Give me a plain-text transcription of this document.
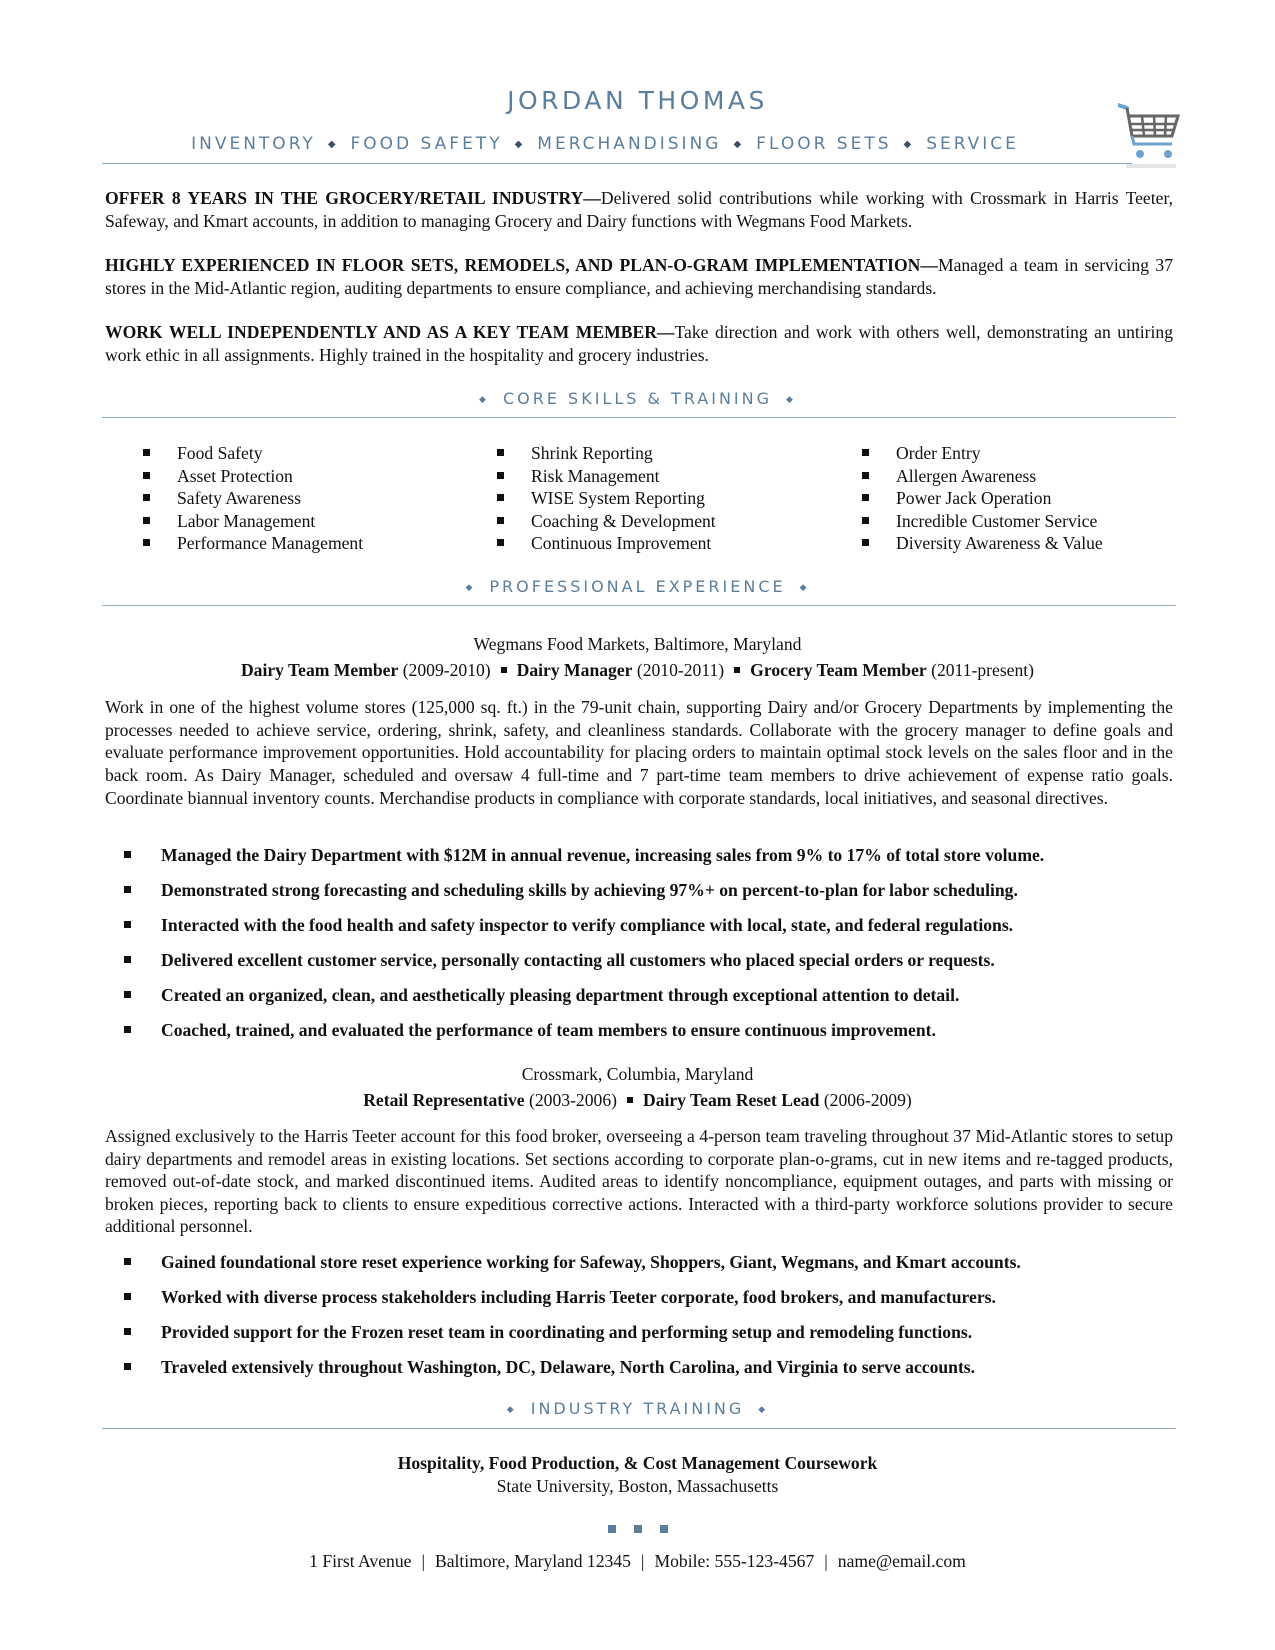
JORDAN THOMAS
INVENTORY ◆ FOOD SAFETY ◆ MERCHANDISING ◆ FLOOR SETS ◆ SERVICE
OFFER 8 YEARS IN THE GROCERY/RETAIL INDUSTRY—Delivered solid contributions while working with Crossmark in Harris Teeter, Safeway, and Kmart accounts, in addition to managing Grocery and Dairy functions with Wegmans Food Markets.
HIGHLY EXPERIENCED IN FLOOR SETS, REMODELS, AND PLAN-O-GRAM IMPLEMENTATION—Managed a team in servicing 37 stores in the Mid-Atlantic region, auditing departments to ensure compliance, and achieving merchandising standards.
WORK WELL INDEPENDENTLY AND AS A KEY TEAM MEMBER—Take direction and work with others well, demonstrating an untiring work ethic in all assignments. Highly trained in the hospitality and grocery industries.
◆ CORE SKILLS & TRAINING ◆
Food Safety
Asset Protection
Safety Awareness
Labor Management
Performance Management
Shrink Reporting
Risk Management
WISE System Reporting
Coaching & Development
Continuous Improvement
Order Entry
Allergen Awareness
Power Jack Operation
Incredible Customer Service
Diversity Awareness & Value
◆ PROFESSIONAL EXPERIENCE ◆
Wegmans Food Markets, Baltimore, Maryland
Dairy Team Member (2009-2010) Dairy Manager (2010-2011) Grocery Team Member (2011-present)
Work in one of the highest volume stores (125,000 sq. ft.) in the 79-unit chain, supporting Dairy and/or Grocery Departments by implementing the processes needed to achieve service, ordering, shrink, safety, and cleanliness standards. Collaborate with the grocery manager to define goals and evaluate performance improvement opportunities. Hold accountability for placing orders to maintain optimal stock levels on the sales floor and in the back room. As Dairy Manager, scheduled and oversaw 4 full-time and 7 part-time team members to drive achievement of expense ratio goals. Coordinate biannual inventory counts. Merchandise products in compliance with corporate standards, local initiatives, and seasonal directives.
Managed the Dairy Department with $12M in annual revenue, increasing sales from 9% to 17% of total store volume.
Demonstrated strong forecasting and scheduling skills by achieving 97%+ on percent-to-plan for labor scheduling.
Interacted with the food health and safety inspector to verify compliance with local, state, and federal regulations.
Delivered excellent customer service, personally contacting all customers who placed special orders or requests.
Created an organized, clean, and aesthetically pleasing department through exceptional attention to detail.
Coached, trained, and evaluated the performance of team members to ensure continuous improvement.
Crossmark, Columbia, Maryland
Retail Representative (2003-2006) Dairy Team Reset Lead (2006-2009)
Assigned exclusively to the Harris Teeter account for this food broker, overseeing a 4-person team traveling throughout 37 Mid-Atlantic stores to setup dairy departments and remodel areas in existing locations. Set sections according to corporate plan-o-grams, cut in new items and re-tagged products, removed out-of-date stock, and marked discontinued items. Audited areas to identify noncompliance, equipment outages, and parts with missing or broken pieces, reporting back to clients to ensure expeditious corrective actions. Interacted with a third-party workforce solutions provider to secure additional personnel.
Gained foundational store reset experience working for Safeway, Shoppers, Giant, Wegmans, and Kmart accounts.
Worked with diverse process stakeholders including Harris Teeter corporate, food brokers, and manufacturers.
Provided support for the Frozen reset team in coordinating and performing setup and remodeling functions.
Traveled extensively throughout Washington, DC, Delaware, North Carolina, and Virginia to serve accounts.
◆ INDUSTRY TRAINING ◆
Hospitality, Food Production, & Cost Management Coursework
State University, Boston, Massachusetts
1 First Avenue | Baltimore, Maryland 12345 | Mobile: 555-123-4567 | name@email.com
